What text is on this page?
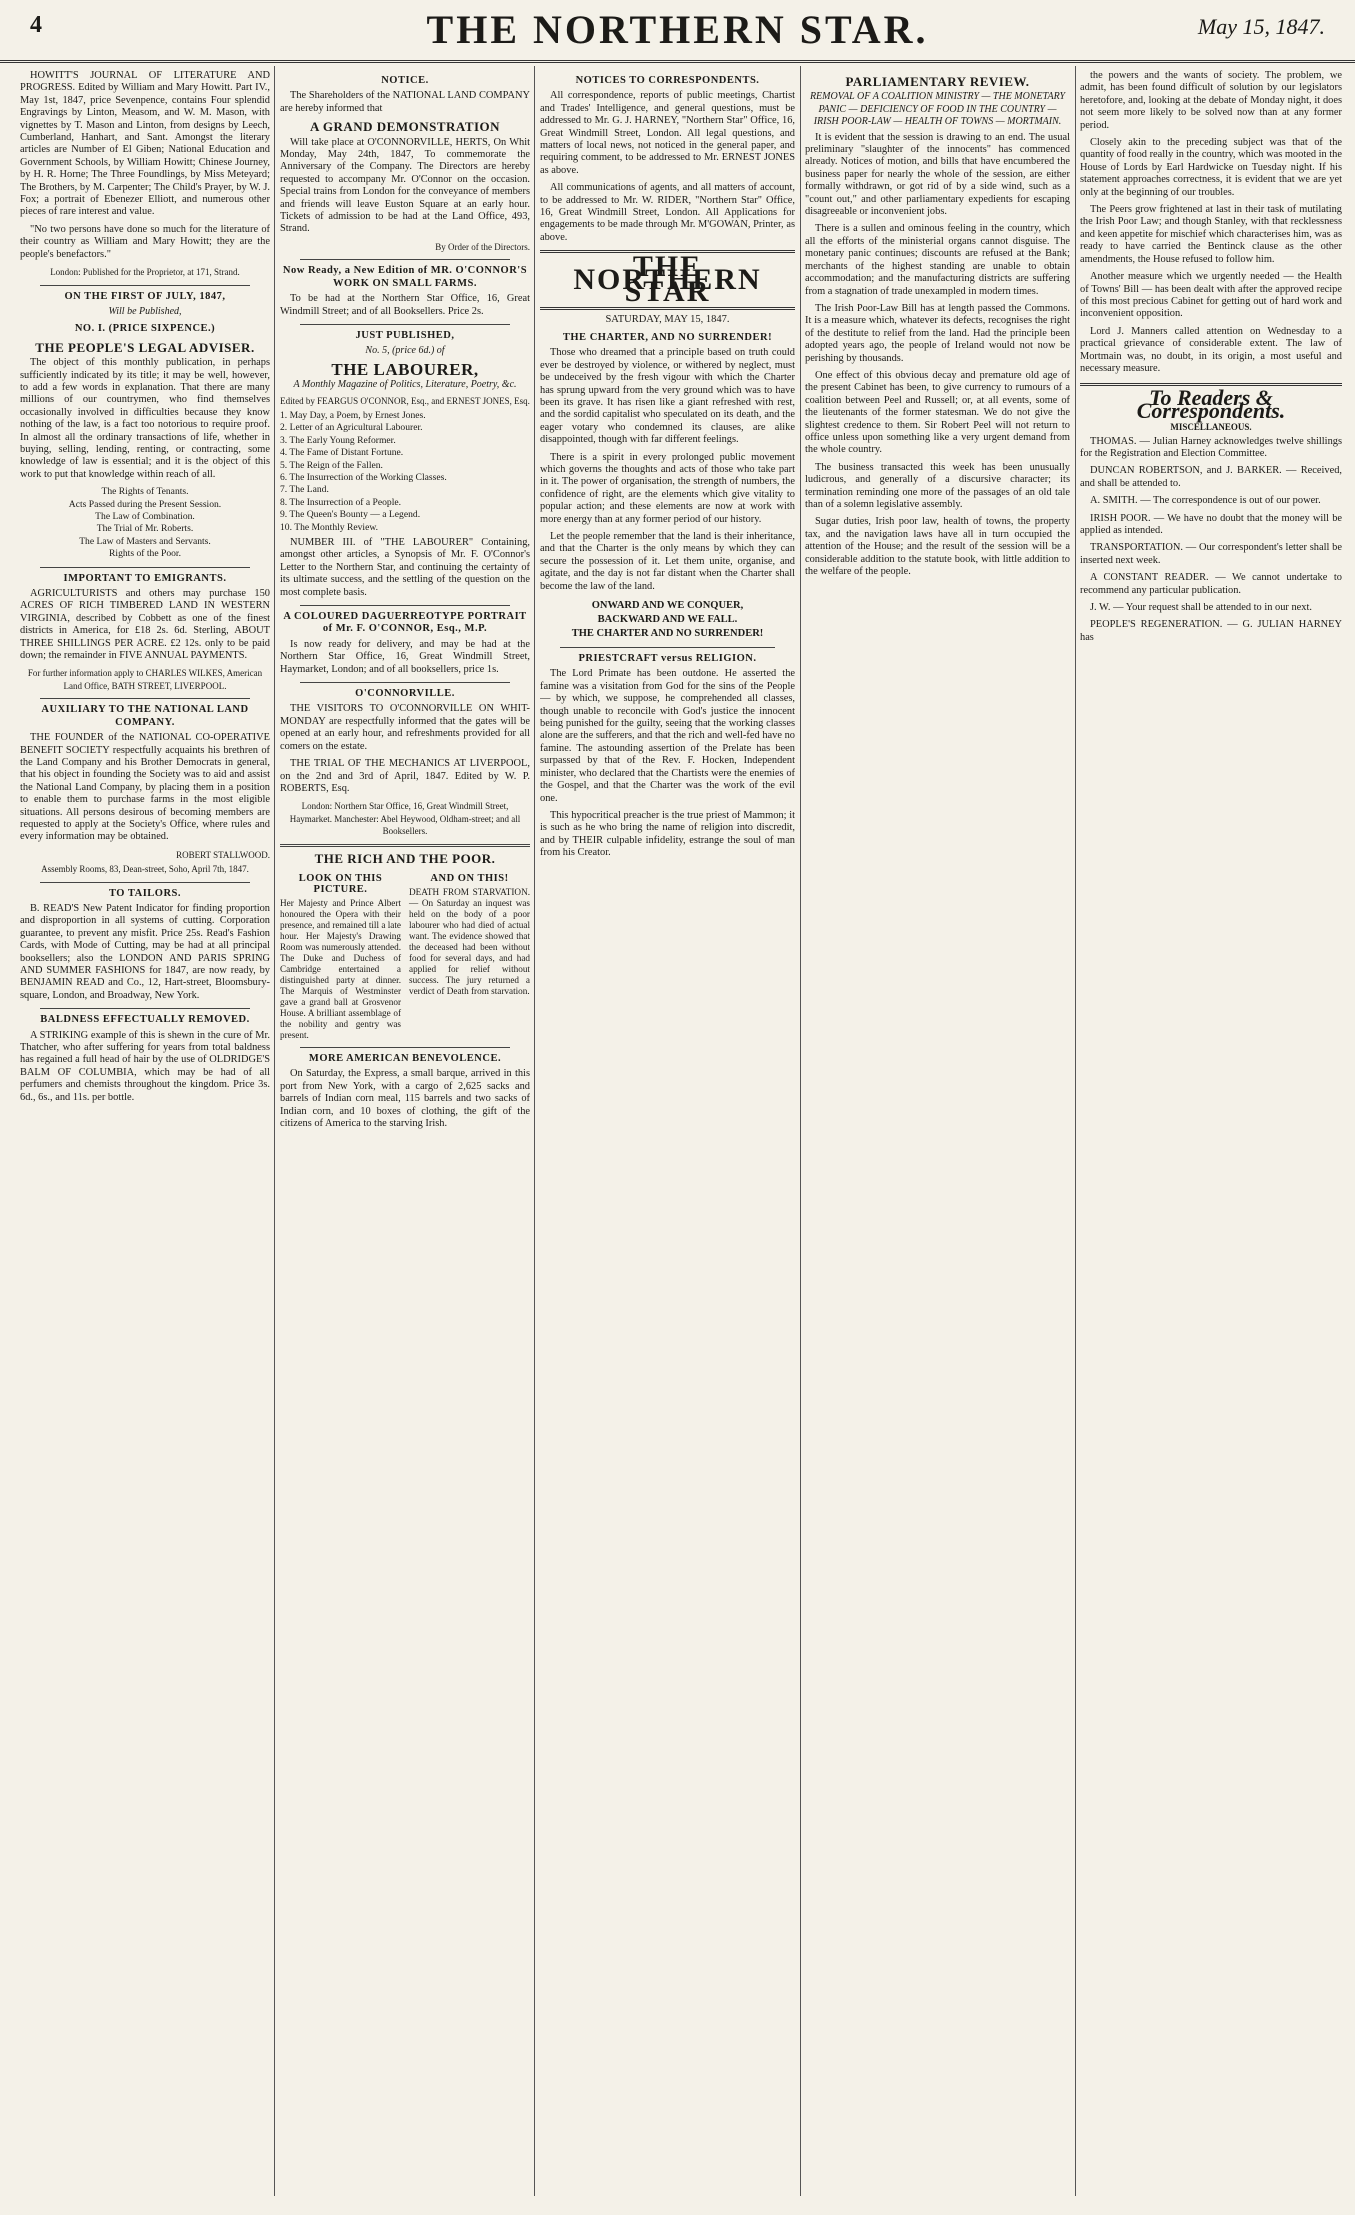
4	THE NORTHERN STAR.	May 15, 1847.

HOWITT'S JOURNAL OF LITERATURE AND PROGRESS. Edited by William and Mary Howitt. Part IV., May 1st, 1847, price Sevenpence, contains Four splendid Engravings by Linton, Measom, and W. M. Mason, with vignettes by T. Mason and Linton, from designs by Leech, Cumberland, Hanhart, and Sant. Amongst the literary articles are Number of El Giben; National Education and Government Schools, by William Howitt; Chinese Journey, by H. R. Horne; The Three Foundlings, by Miss Meteyard; The Brothers, by M. Carpenter; The Child's Prayer, by W. J. Fox; a portrait of Ebenezer Elliott, and numerous other pieces of rare interest and value.

"No two persons have done so much for the literature of their country as William and Mary Howitt; they are the people's benefactors."

London: Published for the Proprietor, at 171, Strand.
ON THE FIRST OF JULY, 1847,
Will be Published,
NO. I. (PRICE SIXPENCE.)
THE PEOPLE'S LEGAL ADVISER.

The object of this monthly publication, in perhaps sufficiently indicated by its title; it may be well, however, to add a few words in explanation. That there are many millions of our countrymen, who find themselves occasionally involved in difficulties because they know nothing of the law, is a fact too notorious to require proof. In almost all the ordinary transactions of life, whether in buying, selling, lending, renting, or contracting, some knowledge of law is essential; and it is the object of this work to put that knowledge within reach of all.

The Rights of Tenants.
Acts Passed during the Present Session.
The Law of Combination.
The Trial of Mr. Roberts.
The Law of Masters and Servants.
Rights of the Poor.
IMPORTANT TO EMIGRANTS.

AGRICULTURISTS and others may purchase 150 ACRES OF RICH TIMBERED LAND IN WESTERN VIRGINIA, described by Cobbett as one of the finest districts in America, for £18 2s. 6d. Sterling, ABOUT THREE SHILLINGS PER ACRE. £2 12s. only to be paid down; the remainder in FIVE ANNUAL PAYMENTS.

For further information apply to CHARLES WILKES, American Land Office, BATH STREET, LIVERPOOL.
AUXILIARY TO THE NATIONAL LAND COMPANY.

THE FOUNDER of the NATIONAL CO-OPERATIVE BENEFIT SOCIETY respectfully acquaints his brethren of the Land Company and his Brother Democrats in general, that his object in founding the Society was to aid and assist the National Land Company, by placing them in a position to enable them to purchase farms in the most eligible situations. All persons desirous of becoming members are requested to apply at the Society's Office, where rules and every information may be obtained.

ROBERT STALLWOOD.
Assembly Rooms, 83, Dean-street, Soho, April 7th, 1847.
TO TAILORS.

B. READ'S New Patent Indicator for finding proportion and disproportion in all systems of cutting. Corporation guarantee, to prevent any misfit. Price 25s. Read's Fashion Cards, with Mode of Cutting, may be had at all principal booksellers; also the LONDON AND PARIS SPRING AND SUMMER FASHIONS for 1847, are now ready, by BENJAMIN READ and Co., 12, Hart-street, Bloomsbury-square, London, and Broadway, New York.

BALDNESS EFFECTUALLY REMOVED.

A STRIKING example of this is shewn in the cure of Mr. Thatcher, who after suffering for years from total baldness has regained a full head of hair by the use of OLDRIDGE'S BALM OF COLUMBIA, which may be had of all perfumers and chemists throughout the kingdom. Price 3s. 6d., 6s., and 11s. per bottle.

NOTICE.

The Shareholders of the NATIONAL LAND COMPANY are hereby informed that

A GRAND DEMONSTRATION

Will take place at O'CONNORVILLE, HERTS, On Whit Monday, May 24th, 1847, To commemorate the Anniversary of the Company. The Directors are hereby requested to accompany Mr. O'Connor on the occasion. Special trains from London for the conveyance of members and friends will leave Euston Square at an early hour. Tickets of admission to be had at the Land Office, 493, Strand.

By Order of the Directors.
Now Ready, a New Edition of MR. O'CONNOR'S WORK ON SMALL FARMS.

To be had at the Northern Star Office, 16, Great Windmill Street; and of all Booksellers. Price 2s.

JUST PUBLISHED,
No. 5, (price 6d.) of
THE LABOURER,
A Monthly Magazine of Politics, Literature, Poetry, &c.
Edited by FEARGUS O'CONNOR, Esq., and ERNEST JONES, Esq.
1. May Day, a Poem, by Ernest Jones.
2. Letter of an Agricultural Labourer.
3. The Early Young Reformer.
4. The Fame of Distant Fortune.
5. The Reign of the Fallen.
6. The Insurrection of the Working Classes.
7. The Land.
8. The Insurrection of a People.
9. The Queen's Bounty — a Legend.
10. The Monthly Review.

NUMBER III. of "THE LABOURER" Containing, amongst other articles, a Synopsis of Mr. F. O'Connor's Letter to the Northern Star, and continuing the certainty of its ultimate success, and the settling of the question on the most complete basis.

A COLOURED DAGUERREOTYPE PORTRAIT of Mr. F. O'CONNOR, Esq., M.P.

Is now ready for delivery, and may be had at the Northern Star Office, 16, Great Windmill Street, Haymarket, London; and of all booksellers, price 1s.

O'CONNORVILLE.

THE VISITORS TO O'CONNORVILLE ON WHIT-MONDAY are respectfully informed that the gates will be opened at an early hour, and refreshments provided for all comers on the estate.

THE TRIAL OF THE MECHANICS AT LIVERPOOL, on the 2nd and 3rd of April, 1847. Edited by W. P. ROBERTS, Esq.

London: Northern Star Office, 16, Great Windmill Street, Haymarket. Manchester: Abel Heywood, Oldham-street; and all Booksellers.
THE RICH AND THE POOR.
LOOK ON THIS PICTURE.
Her Majesty and Prince Albert honoured the Opera with their presence, and remained till a late hour. Her Majesty's Drawing Room was numerously attended. The Duke and Duchess of Cambridge entertained a distinguished party at dinner. The Marquis of Westminster gave a grand ball at Grosvenor House. A brilliant assemblage of the nobility and gentry was present.
AND ON THIS!
DEATH FROM STARVATION. — On Saturday an inquest was held on the body of a poor labourer who had died of actual want. The evidence showed that the deceased had been without food for several days, and had applied for relief without success. The jury returned a verdict of Death from starvation.
MORE AMERICAN BENEVOLENCE.

On Saturday, the Express, a small barque, arrived in this port from New York, with a cargo of 2,625 sacks and barrels of Indian corn meal, 115 barrels and two sacks of Indian corn, and 10 boxes of clothing, the gift of the citizens of America to the starving Irish.

NOTICES TO CORRESPONDENTS.

All correspondence, reports of public meetings, Chartist and Trades' Intelligence, and general questions, must be addressed to Mr. G. J. HARNEY, "Northern Star" Office, 16, Great Windmill Street, London. All legal questions, and matters of local news, not noticed in the general paper, and requiring comment, to be addressed to Mr. ERNEST JONES as above.

All communications of agents, and all matters of account, to be addressed to Mr. W. RIDER, "Northern Star" Office, 16, Great Windmill Street, London. All Applications for engagements to be made through Mr. M'GOWAN, Printer, as above.

THE NORTHERN STAR
SATURDAY, MAY 15, 1847.
THE CHARTER, AND NO SURRENDER!

Those who dreamed that a principle based on truth could ever be destroyed by violence, or withered by neglect, must be undeceived by the fresh vigour with which the Charter has sprung upward from the very ground which was to have been its grave. It has risen like a giant refreshed with rest, and the sordid capitalist who speculated on its death, and the eager votary who condemned its clauses, are alike disappointed, though with far different feelings.

There is a spirit in every prolonged public movement which governs the thoughts and acts of those who take part in it. The power of organisation, the strength of numbers, the confidence of right, are the elements which give vitality to popular action; and these elements are now at work with more energy than at any former period of our history.

Let the people remember that the land is their inheritance, and that the Charter is the only means by which they can secure the possession of it. Let them unite, organise, and agitate, and the day is not far distant when the Charter shall become the law of the land.

ONWARD AND WE CONQUER,
BACKWARD AND WE FALL.
THE CHARTER AND NO SURRENDER!
PRIESTCRAFT versus RELIGION.

The Lord Primate has been outdone. He asserted the famine was a visitation from God for the sins of the People — by which, we suppose, he comprehended all classes, though unable to reconcile with God's justice the innocent being punished for the guilty, seeing that the working classes alone are the sufferers, and that the rich and well-fed have no famine. The astounding assertion of the Prelate has been surpassed by that of the Rev. F. Hocken, Independent minister, who declared that the Chartists were the enemies of the Gospel, and that the Charter was the work of the evil one.

This hypocritical preacher is the true priest of Mammon; it is such as he who bring the name of religion into discredit, and by THEIR culpable infidelity, estrange the soul of man from his Creator.

PARLIAMENTARY REVIEW.
REMOVAL OF A COALITION MINISTRY — THE MONETARY PANIC — DEFICIENCY OF FOOD IN THE COUNTRY — IRISH POOR-LAW — HEALTH OF TOWNS — MORTMAIN.

It is evident that the session is drawing to an end. The usual preliminary "slaughter of the innocents" has commenced already. Notices of motion, and bills that have encumbered the business paper for nearly the whole of the session, are either formally withdrawn, or got rid of by a side wind, such as a "count out," and other parliamentary expedients for escaping disagreeable or inconvenient jobs.

There is a sullen and ominous feeling in the country, which all the efforts of the ministerial organs cannot disguise. The monetary panic continues; discounts are refused at the Bank; merchants of the highest standing are unable to obtain accommodation; and the manufacturing districts are suffering from a stagnation of trade unexampled in modern times.

The Irish Poor-Law Bill has at length passed the Commons. It is a measure which, whatever its defects, recognises the right of the destitute to relief from the land. Had the principle been adopted years ago, the people of Ireland would not now be perishing by thousands.

One effect of this obvious decay and premature old age of the present Cabinet has been, to give currency to rumours of a coalition between Peel and Russell; or, at all events, some of the lieutenants of the former statesman. We do not give the slightest credence to them. Sir Robert Peel will not return to office unless upon something like a very urgent demand from the whole country.

The business transacted this week has been unusually ludicrous, and generally of a discursive character; its termination reminding one more of the passages of an old tale than of a solemn legislative assembly.

Sugar duties, Irish poor law, health of towns, the property tax, and the navigation laws have all in turn occupied the attention of the House; and the result of the session will be a considerable addition to the statute book, with little addition to the welfare of the people.

the powers and the wants of society. The problem, we admit, has been found difficult of solution by our legislators heretofore, and, looking at the debate of Monday night, it does not seem more likely to be solved now than at any former period.

Closely akin to the preceding subject was that of the quantity of food really in the country, which was mooted in the House of Lords by Earl Hardwicke on Tuesday night. If his statement approaches correctness, it is evident that we are yet only at the beginning of our troubles.

The Peers grow frightened at last in their task of mutilating the Irish Poor Law; and though Stanley, with that recklessness and keen appetite for mischief which characterises him, was as ready to have carried the Bentinck clause as the other amendments, the House refused to follow him.

Another measure which we urgently needed — the Health of Towns' Bill — has been dealt with after the approved recipe of this most precious Cabinet for getting out of hard work and inconvenient opposition.

Lord J. Manners called attention on Wednesday to a practical grievance of considerable extent. The law of Mortmain was, no doubt, in its origin, a most useful and necessary measure.

To Readers & Correspondents.
MISCELLANEOUS.

THOMAS. — Julian Harney acknowledges twelve shillings for the Registration and Election Committee.

DUNCAN ROBERTSON, and J. BARKER. — Received, and shall be attended to.

A. SMITH. — The correspondence is out of our power.

IRISH POOR. — We have no doubt that the money will be applied as intended.

TRANSPORTATION. — Our correspondent's letter shall be inserted next week.

A CONSTANT READER. — We cannot undertake to recommend any particular publication.

J. W. — Your request shall be attended to in our next.

PEOPLE'S REGENERATION. — G. JULIAN HARNEY has
